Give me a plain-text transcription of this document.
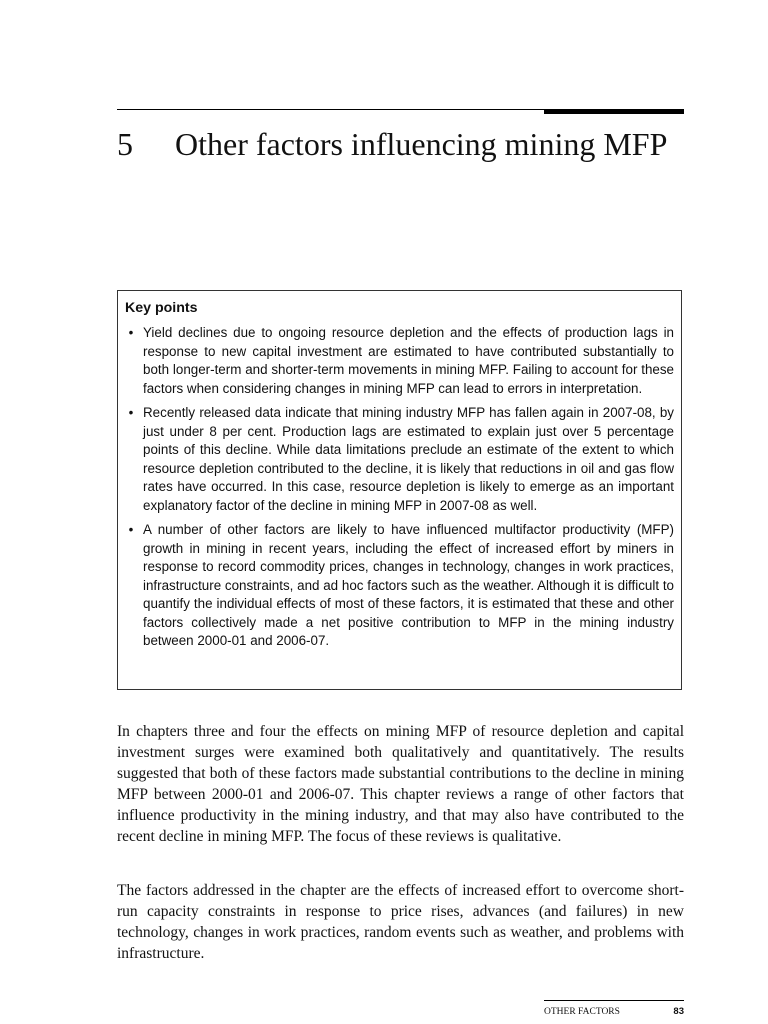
5	Other factors influencing mining MFP
Key points
• Yield declines due to ongoing resource depletion and the effects of production lags in response to new capital investment are estimated to have contributed substantially to both longer-term and shorter-term movements in mining MFP. Failing to account for these factors when considering changes in mining MFP can lead to errors in interpretation.
• Recently released data indicate that mining industry MFP has fallen again in 2007-08, by just under 8 per cent. Production lags are estimated to explain just over 5 percentage points of this decline. While data limitations preclude an estimate of the extent to which resource depletion contributed to the decline, it is likely that reductions in oil and gas flow rates have occurred. In this case, resource depletion is likely to emerge as an important explanatory factor of the decline in mining MFP in 2007-08 as well.
• A number of other factors are likely to have influenced multifactor productivity (MFP) growth in mining in recent years, including the effect of increased effort by miners in response to record commodity prices, changes in technology, changes in work practices, infrastructure constraints, and ad hoc factors such as the weather. Although it is difficult to quantify the individual effects of most of these factors, it is estimated that these and other factors collectively made a net positive contribution to MFP in the mining industry between 2000-01 and 2006-07.

In chapters three and four the effects on mining MFP of resource depletion and capital investment surges were examined both qualitatively and quantitatively. The results suggested that both of these factors made substantial contributions to the decline in mining MFP between 2000-01 and 2006-07. This chapter reviews a range of other factors that influence productivity in the mining industry, and that may also have contributed to the recent decline in mining MFP. The focus of these reviews is qualitative.

The factors addressed in the chapter are the effects of increased effort to overcome short-run capacity constraints in response to price rises, advances (and failures) in new technology, changes in work practices, random events such as weather, and problems with infrastructure.

OTHER FACTORS	83
